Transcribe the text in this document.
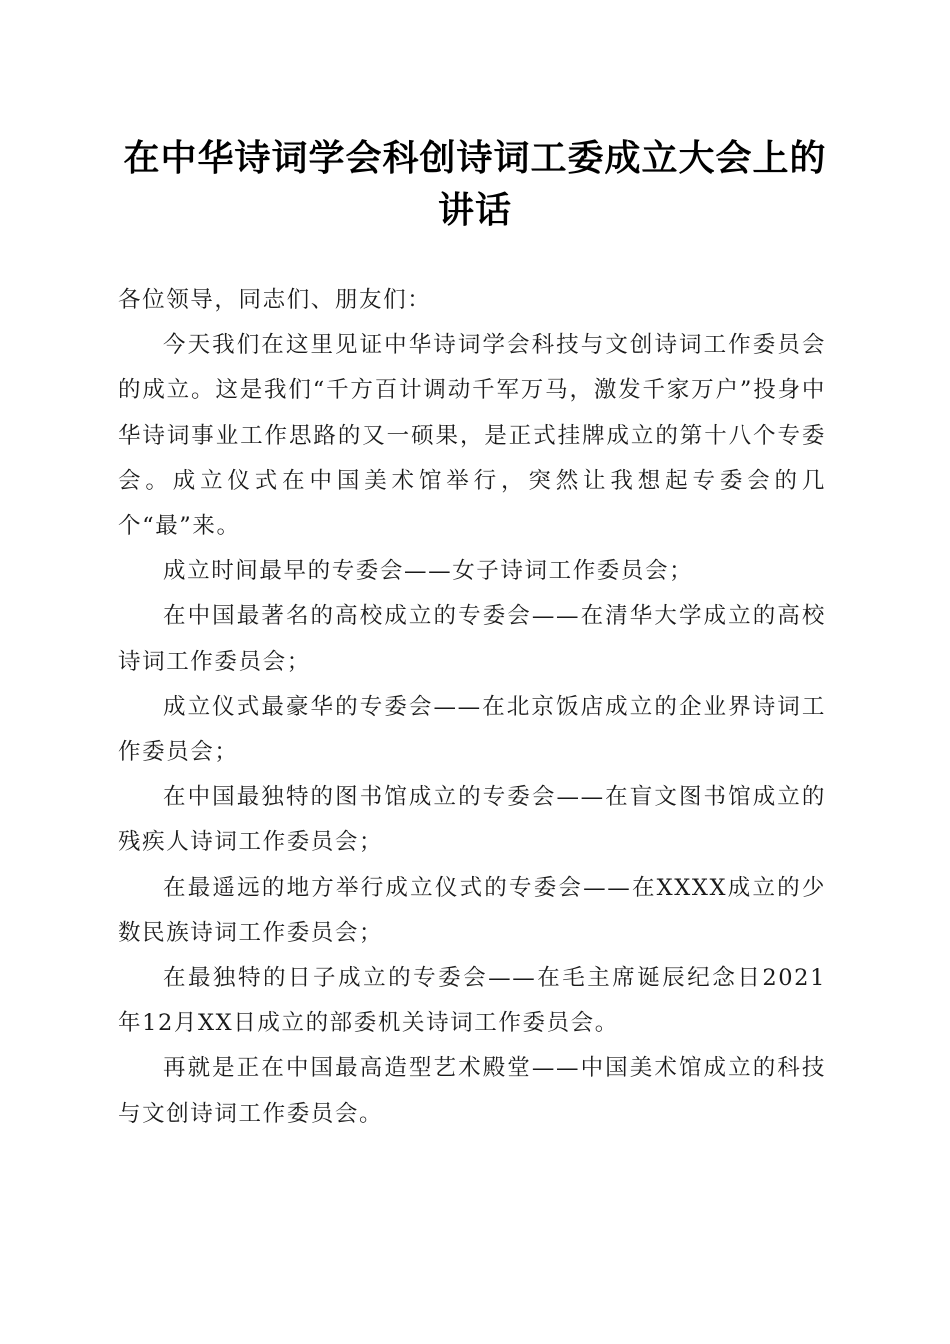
在中华诗词学会科创诗词工委成立大会上的讲话

各位领导，同志们、朋友们：

今天我们在这里见证中华诗词学会科技与文创诗词工作委员会的成立。这是我们“千方百计调动千军万马，激发千家万户”投身中华诗词事业工作思路的又一硕果，是正式挂牌成立的第十八个专委会。成立仪式在中国美术馆举行，突然让我想起专委会的几个“最”来。

成立时间最早的专委会——女子诗词工作委员会；

在中国最著名的高校成立的专委会——在清华大学成立的高校诗词工作委员会；

成立仪式最豪华的专委会——在北京饭店成立的企业界诗词工作委员会；

在中国最独特的图书馆成立的专委会——在盲文图书馆成立的残疾人诗词工作委员会；

在最遥远的地方举行成立仪式的专委会——在XXXX成立的少数民族诗词工作委员会；

在最独特的日子成立的专委会——在毛主席诞辰纪念日2021年12月XX日成立的部委机关诗词工作委员会。

再就是正在中国最高造型艺术殿堂——中国美术馆成立的科技与文创诗词工作委员会。
